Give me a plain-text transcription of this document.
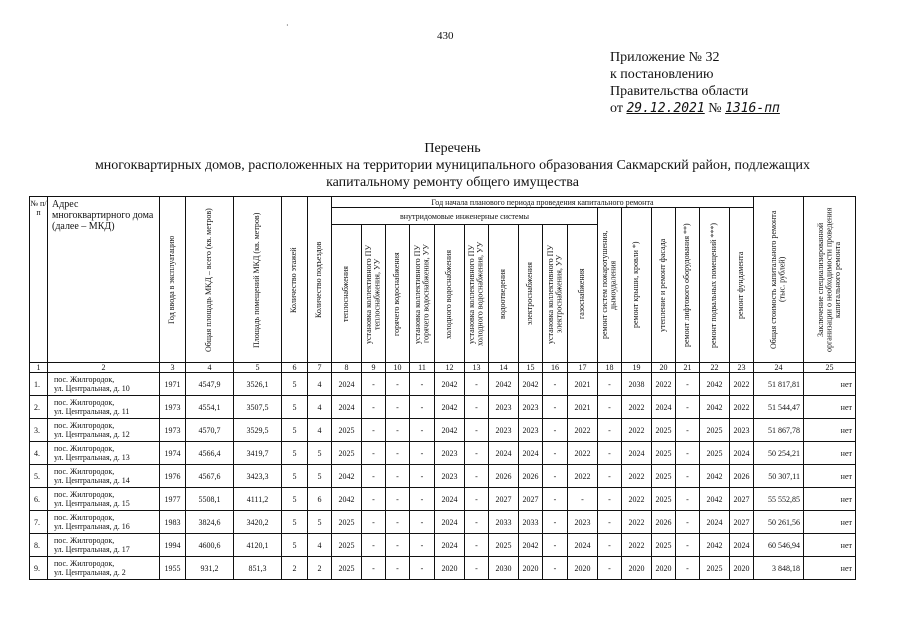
430
·
Приложение № 32
к постановлению
Правительства области
от 29.12.2021 № 1316-пп
Перечень
многоквартирных домов, расположенных на территории муниципального образования Сакмарский район, подлежащих
капитальному ремонту общего имущества
№ п/п	Адрес многоквартирного дома (далее – МКД)	Год ввода в эксплуатацию	Общая площадь МКД – всего (кв. метров)	Площадь помещений МКД (кв. метров)	Количество этажей	Количество подъездов	Год начала планового периода проведения капитального ремонта																Общая стоимость капитального ремонта
(тыс. рублей)	Заключение специализированной
организации о необходимости проведения
капитального ремонта

							внутридомовые инженерные системы										ремонт систем пожаротушения,
дымоудаления	ремонт крыши, кровли *)	утепление и ремонт фасада	ремонт лифтового оборудования **)	ремонт подвальных помещений ***)	ремонт фундамента		

							теплоснабжения	установка коллективного ПУ
теплоснабжения, УУ	горячего водоснабжения	установка коллективного ПУ
горячего водоснабжения, УУ	холодного водоснабжения	установка коллективного ПУ
холодного водоснабжения, УУ	водоотведения	электроснабжения	установка коллективного ПУ
электроснабжения, УУ	газоснабжения								

1	2	3	4	5	6	7	8	9	10	11	12	13	14	15	16	17	18	19	20	21	22	23	24	25
1.	пос. Жилгородок,
ул. Центральная, д. 10	1971	4547,9	3526,1	5	4	2024	-	-	-	2042	-	2042	2042	-	2021	-	2038	2022	-	2042	2022	51 817,81	нет
2.	пос. Жилгородок,
ул. Центральная, д. 11	1973	4554,1	3507,5	5	4	2024	-	-	-	2042	-	2023	2023	-	2021	-	2022	2024	-	2042	2022	51 544,47	нет
3.	пос. Жилгородок,
ул. Центральная, д. 12	1973	4570,7	3529,5	5	4	2025	-	-	-	2042	-	2023	2023	-	2022	-	2022	2025	-	2025	2023	51 867,78	нет
4.	пос. Жилгородок,
ул. Центральная, д. 13	1974	4566,4	3419,7	5	5	2025	-	-	-	2023	-	2024	2024	-	2022	-	2024	2025	-	2025	2024	50 254,21	нет
5.	пос. Жилгородок,
ул. Центральная, д. 14	1976	4567,6	3423,3	5	5	2042	-	-	-	2023	-	2026	2026	-	2022	-	2022	2025	-	2042	2026	50 307,11	нет
6.	пос. Жилгородок,
ул. Центральная, д. 15	1977	5508,1	4111,2	5	6	2042	-	-	-	2024	-	2027	2027	-	-	-	2022	2025	-	2042	2027	55 552,85	нет
7.	пос. Жилгородок,
ул. Центральная, д. 16	1983	3824,6	3420,2	5	5	2025	-	-	-	2024	-	2033	2033	-	2023	-	2022	2026	-	2024	2027	50 261,56	нет
8.	пос. Жилгородок,
ул. Центральная, д. 17	1994	4600,6	4120,1	5	4	2025	-	-	-	2024	-	2025	2042	-	2024	-	2022	2025	-	2042	2024	60 546,94	нет
9.	пос. Жилгородок,
ул. Центральная, д. 2	1955	931,2	851,3	2	2	2025	-	-	-	2020	-	2030	2020	-	2020	-	2020	2020	-	2025	2020	3 848,18	нет
